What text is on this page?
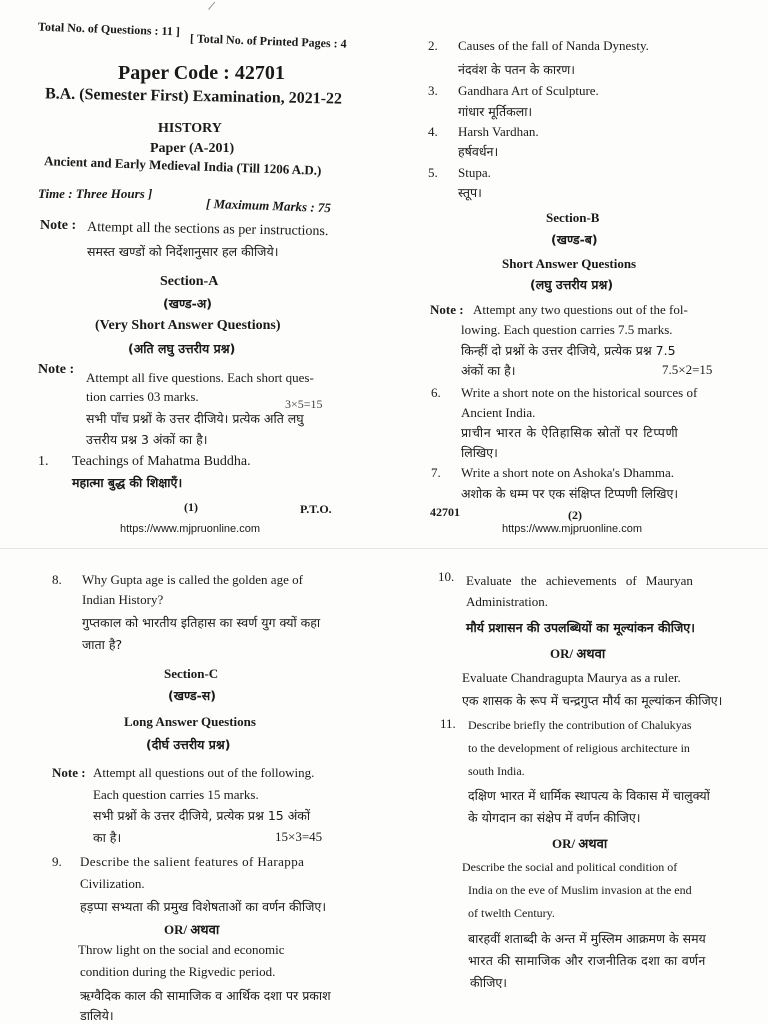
Total No. of Questions : 11 ]
[ Total No. of Printed Pages : 4
Paper Code : 42701
B.A. (Semester First) Examination, 2021-22
HISTORY
Paper (A-201)
Ancient and Early Medieval India (Till 1206 A.D.)
Time : Three Hours ]
[ Maximum Marks : 75
Note : Attempt all the sections as per instructions.
समस्त खण्डों को निर्देशानुसार हल कीजिये।
Section-A
(खण्ड-अ)
(Very Short Answer Questions)
(अति लघु उत्तरीय प्रश्न)
Note :
Attempt all five questions. Each short ques-
tion carries 03 marks.	3×5=15
सभी पाँच प्रश्नों के उत्तर दीजिये। प्रत्येक अति लघु
उत्तरीय प्रश्न 3 अंकों का है।
1. Teachings of Mahatma Buddha.
महात्मा बुद्ध की शिक्षाएँ।
(1)	P.T.O.
https://www.mjpruonline.com
2. Causes of the fall of Nanda Dynesty.
नंदवंश के पतन के कारण।
3. Gandhara Art of Sculpture.
गांधार मूर्तिकला।
4. Harsh Vardhan.
हर्षवर्धन।
5. Stupa.
स्तूप।
Section-B
(खण्ड-ब)
Short Answer Questions
(लघु उत्तरीय प्रश्न)
Note : Attempt any two questions out of the fol-
lowing. Each question carries 7.5 marks.
किन्हीं दो प्रश्नों के उत्तर दीजिये, प्रत्येक प्रश्न 7.5
अंकों का है।	7.5×2=15
6. Write a short note on the historical sources of
Ancient India.
प्राचीन भारत के ऐतिहासिक स्रोतों पर टिप्पणी
लिखिए।
7. Write a short note on Ashoka's Dhamma.
अशोक के धम्म पर एक संक्षिप्त टिप्पणी लिखिए।
42701	(2)
https://www.mjpruonline.com
8. Why Gupta age is called the golden age of
Indian History?
गुप्तकाल को भारतीय इतिहास का स्वर्ण युग क्यों कहा
जाता है?
Section-C
(खण्ड-स)
Long Answer Questions
(दीर्घ उत्तरीय प्रश्न)
Note : Attempt all questions out of the following.
Each question carries 15 marks.
सभी प्रश्नों के उत्तर दीजिये, प्रत्येक प्रश्न 15 अंकों
का है।	15×3=45
9. Describe the salient features of Harappa
Civilization.
हड़प्पा सभ्यता की प्रमुख विशेषताओं का वर्णन कीजिए।
OR/ अथवा
Throw light on the social and economic
condition during the Rigvedic period.
ऋग्वैदिक काल की सामाजिक व आर्थिक दशा पर प्रकाश
डालिये।
10. Evaluate the achievements of Mauryan
Administration.
मौर्य प्रशासन की उपलब्धियों का मूल्यांकन कीजिए।
OR/ अथवा
Evaluate Chandragupta Maurya as a ruler.
एक शासक के रूप में चन्द्रगुप्त मौर्य का मूल्यांकन कीजिए।
11. Describe briefly the contribution of Chalukyas
to the development of religious architecture in
south India.
दक्षिण भारत में धार्मिक स्थापत्य के विकास में चालुक्यों
के योगदान का संक्षेप में वर्णन कीजिए।
OR/ अथवा
Describe the social and political condition of
India on the eve of Muslim invasion at the end
of twelth Century.
बारहवीं शताब्दी के अन्त में मुस्लिम आक्रमण के समय
भारत की सामाजिक और राजनीतिक दशा का वर्णन
कीजिए।
